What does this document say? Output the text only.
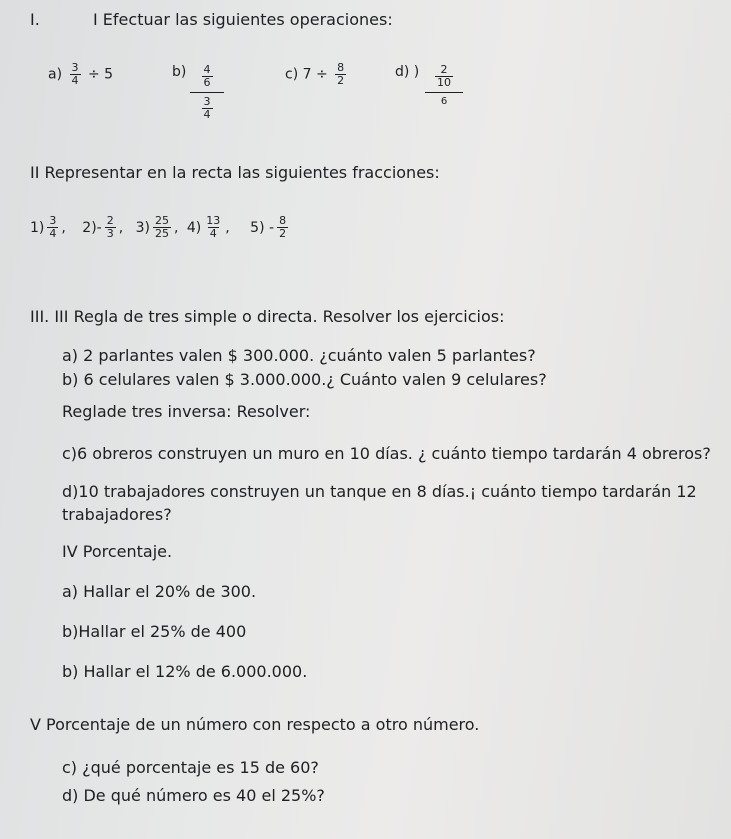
I.	I Efectuar las siguientes operaciones:
$a) \frac{3}{4} \div 5$	$b) \frac{\frac{4}{6}}{\frac{3}{4}}$	c) $7 \div \frac{8}{2}$	d) ) $\frac{\frac{2}{10}}{6}$
II Representar en la recta las siguientes fracciones:
$1) \frac{3}{4}$ , $2)- \frac{2}{3}$ , $3) \frac{25}{25}$ , $4) \frac{13}{4}$ , $5) - \frac{8}{2}$
III. III Regla de tres simple o directa. Resolver los ejercicios:
a) 2 parlantes valen $ 300.000. ¿cuánto valen 5 parlantes?
b) 6 celulares valen $ 3.000.000.¿ Cuánto valen 9 celulares?
Reglade tres inversa: Resolver:
c)6 obreros construyen un muro en 10 días. ¿ cuánto tiempo tardarán 4 obreros?
d)10 trabajadores construyen un tanque en 8 días.¡ cuánto tiempo tardarán 12
trabajadores?
IV Porcentaje.
a) Hallar el 20% de 300.
b)Hallar el 25% de 400
b) Hallar el 12% de 6.000.000.
V Porcentaje de un número con respecto a otro número.
c) ¿qué porcentaje es 15 de 60?
d) De qué número es 40 el 25%?
